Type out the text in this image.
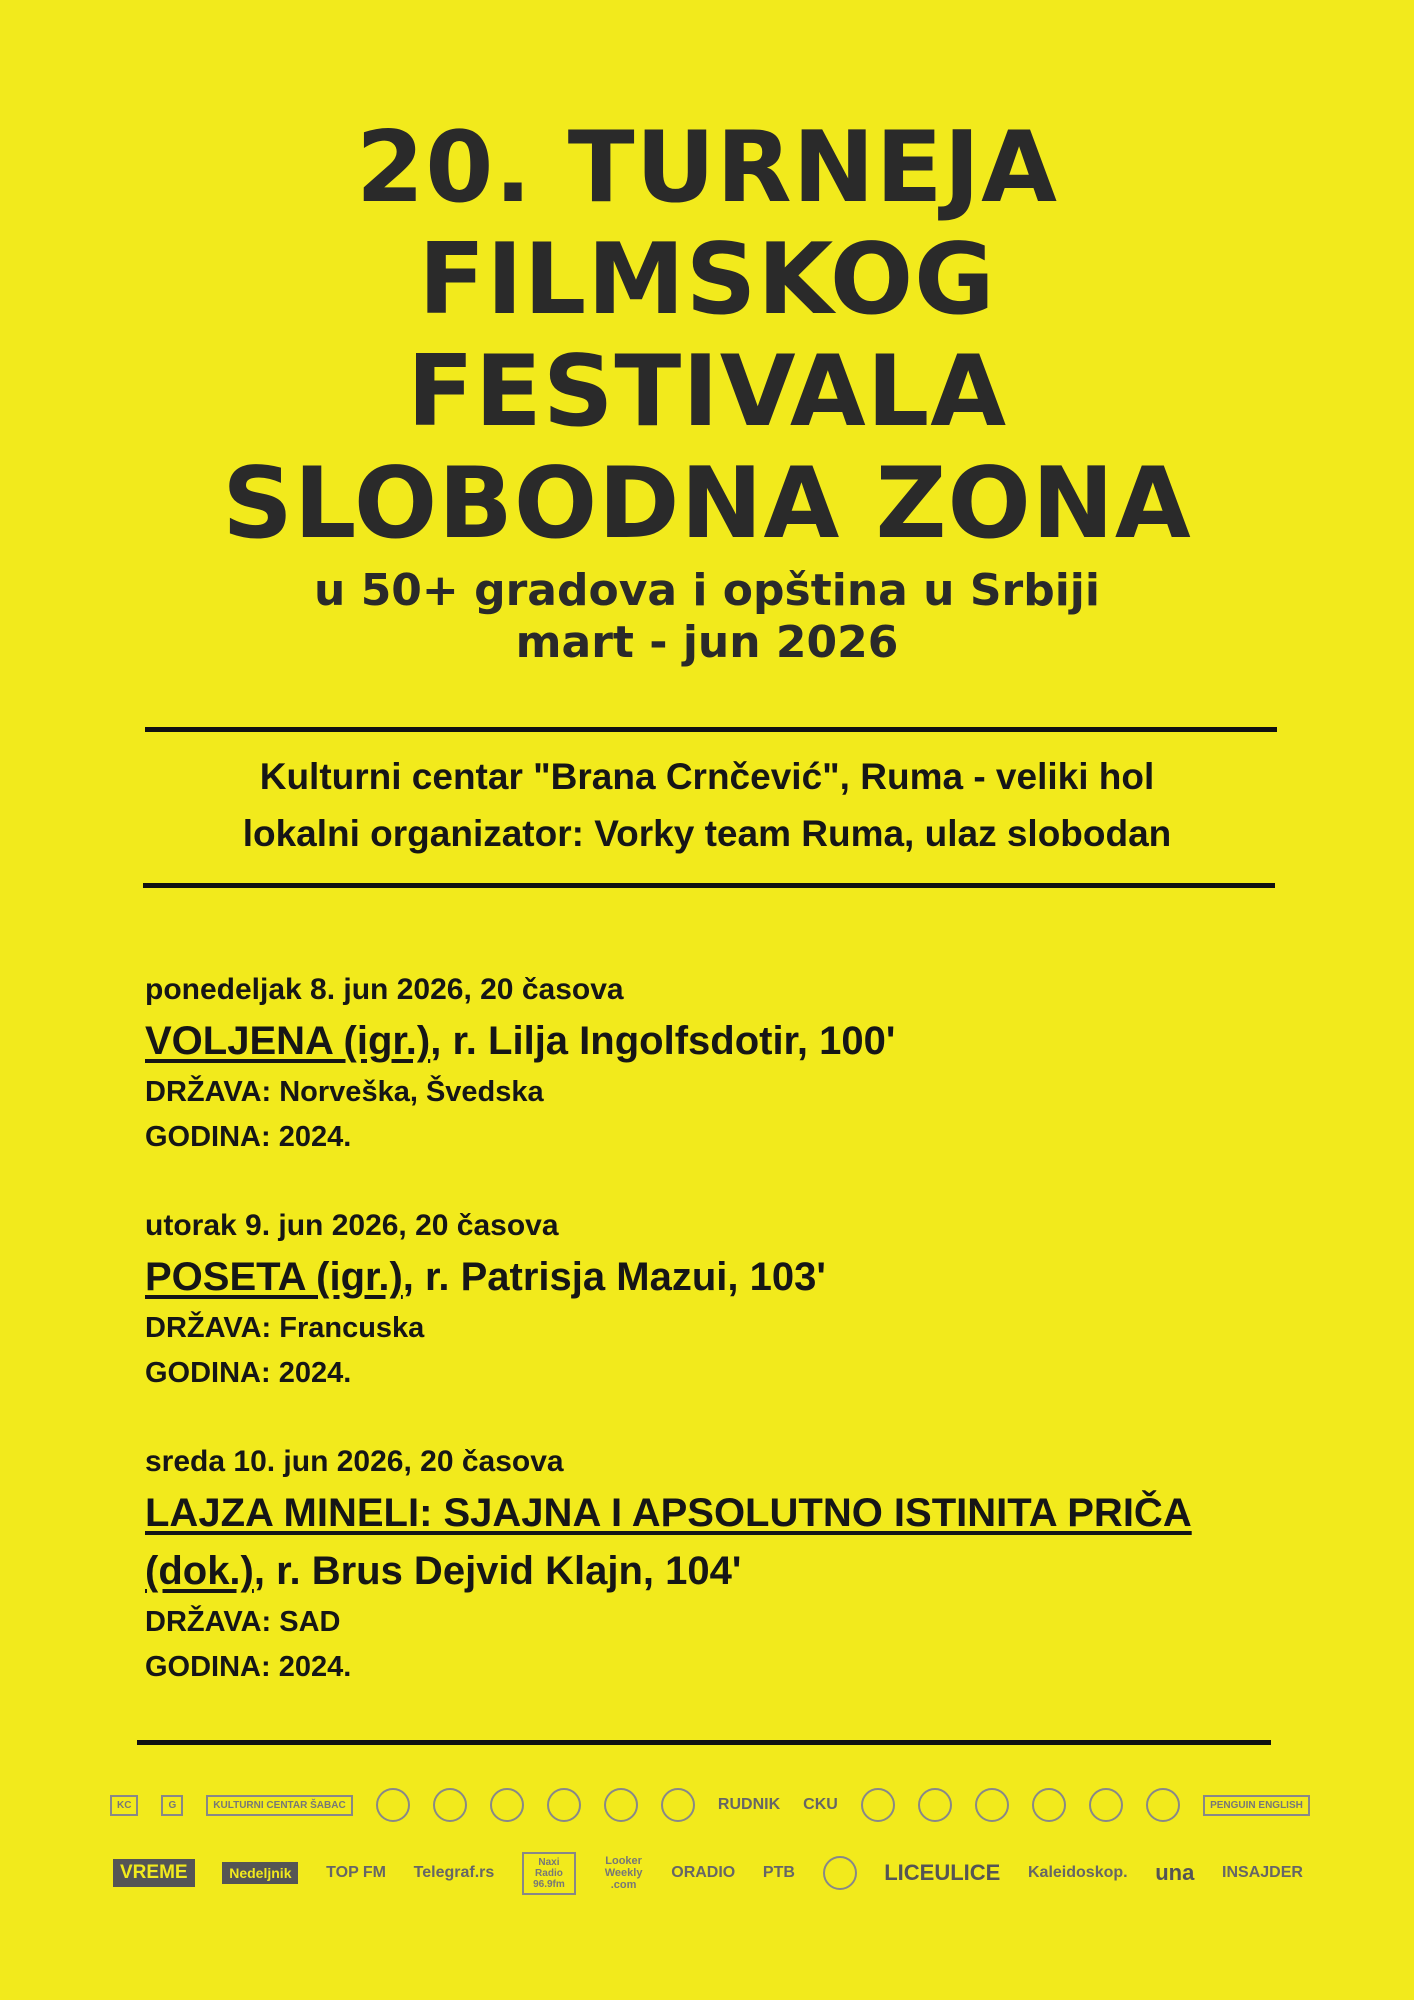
20. TURNEJA
FILMSKOG
FESTIVALA
SLOBODNA ZONA
u 50+ gradova i opština u Srbiji
mart - jun 2026
Kulturni centar "Brana Crnčević", Ruma - veliki hol
lokalni organizator: Vorky team Ruma, ulaz slobodan
ponedeljak 8. jun 2026, 20 časova
VOLJENA (igr.), r. Lilja Ingolfsdotir, 100'
DRŽAVA: Norveška, Švedska
GODINA: 2024.
utorak 9. jun 2026, 20 časova
POSETA (igr.), r. Patrisja Mazui, 103'
DRŽAVA: Francuska
GODINA: 2024.
sreda 10. jun 2026, 20 časova
LAJZA MINELI: SJAJNA I APSOLUTNO ISTINITA PRIČA (dok.), r. Brus Dejvid Klajn, 104'
DRŽAVA: SAD
GODINA: 2024.
KC	G	KULTURNI CENTAR ŠABAC	RUDNIK CKU	PENGUIN ENGLISH
VREME	Nedeljnik	TOP FM Telegraf.rs
Naxi Radio 96.9fm
Looker Weekly .com
ORADIO PTB	LICEULICE Kaleidoskop. una INSAJDER
